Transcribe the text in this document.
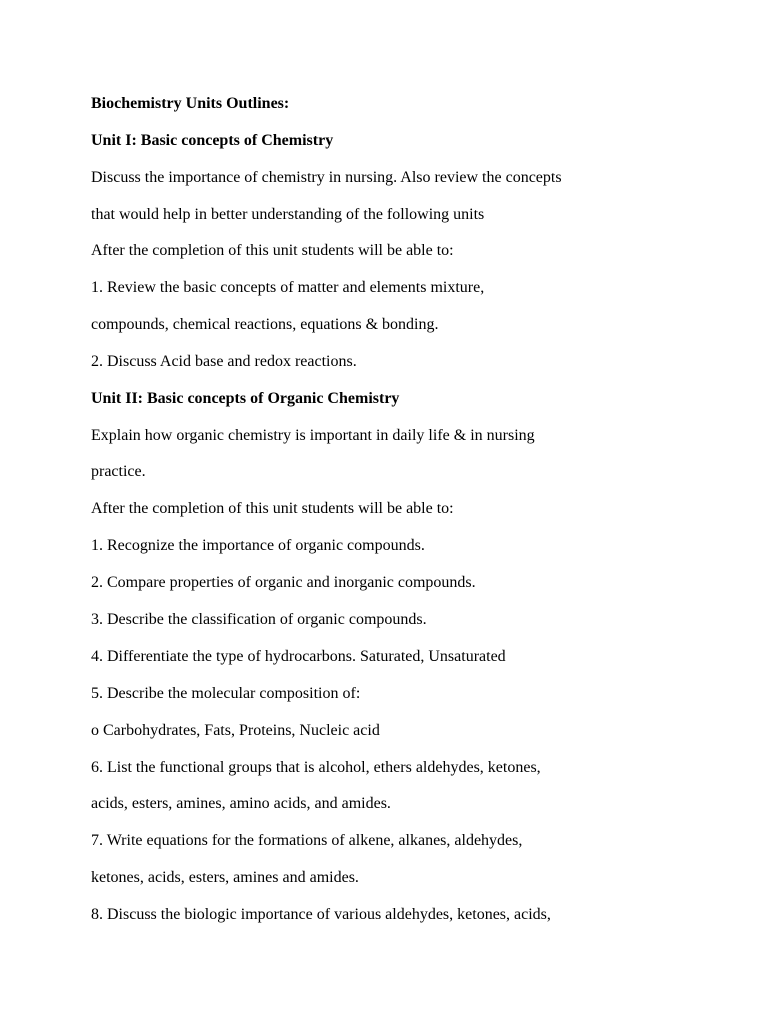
Biochemistry Units Outlines:

Unit I: Basic concepts of Chemistry

Discuss the importance of chemistry in nursing. Also review the concepts

that would help in better understanding of the following units

After the completion of this unit students will be able to:

1. Review the basic concepts of matter and elements mixture,

compounds, chemical reactions, equations & bonding.

2. Discuss Acid base and redox reactions.

Unit II: Basic concepts of Organic Chemistry

Explain how organic chemistry is important in daily life & in nursing

practice.

After the completion of this unit students will be able to:

1. Recognize the importance of organic compounds.

2. Compare properties of organic and inorganic compounds.

3. Describe the classification of organic compounds.

4. Differentiate the type of hydrocarbons. Saturated, Unsaturated

5. Describe the molecular composition of:

o Carbohydrates, Fats, Proteins, Nucleic acid

6. List the functional groups that is alcohol, ethers aldehydes, ketones,

acids, esters, amines, amino acids, and amides.

7. Write equations for the formations of alkene, alkanes, aldehydes,

ketones, acids, esters, amines and amides.

8. Discuss the biologic importance of various aldehydes, ketones, acids,
